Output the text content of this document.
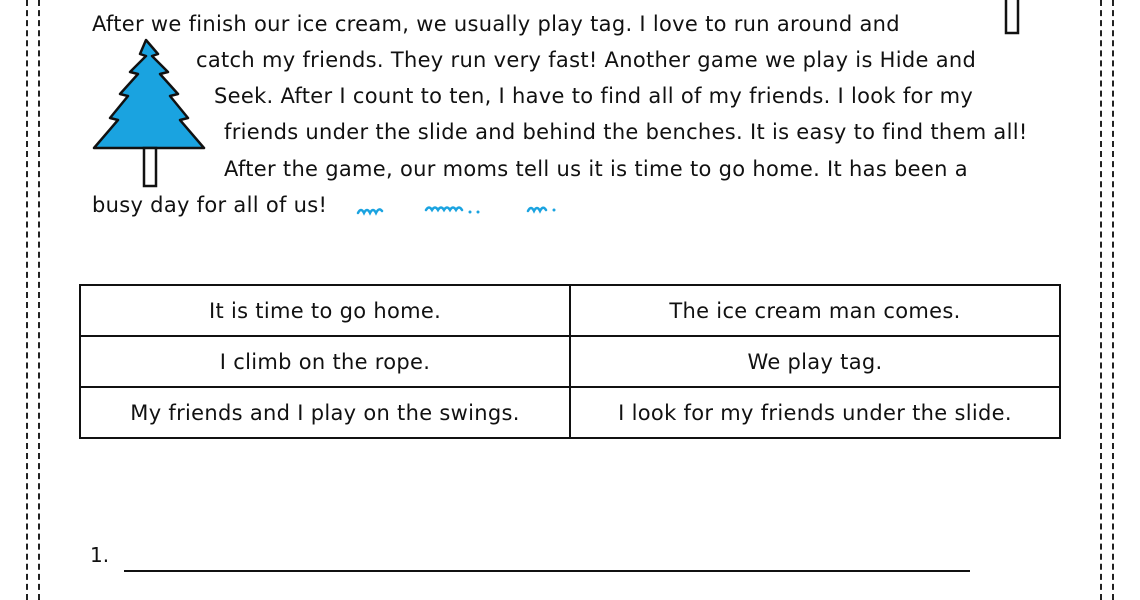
After we finish our ice cream, we usually play tag. I love to run around and
catch my friends. They run very fast! Another game we play is Hide and
Seek. After I count to ten, I have to find all of my friends. I look for my
friends under the slide and behind the benches. It is easy to find them all!
After the game, our moms tell us it is time to go home. It has been a
busy day for all of us!
It is time to go home.	The ice cream man comes.
I climb on the rope.	We play tag.
My friends and I play on the swings.	I look for my friends under the slide.
1.
